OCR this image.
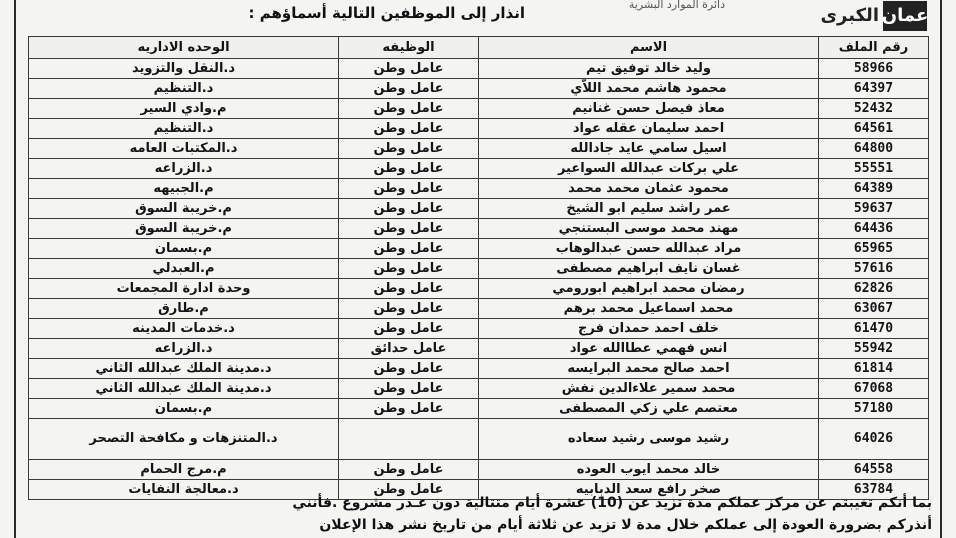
عمان
الكبرى
دائرة الموارد البشرية
انذار إلى الموظفين التالية أسماؤهم :
رقم الملف	الاسم	الوظيفه	الوحده الاداريه
58966	وليد خالد توفيق تيم	عامل وطن	د.النقل والتزويد
64397	محمود هاشم محمد اللاّي	عامل وطن	د.التنظيم
52432	معاذ فيصل حسن غنانيم	عامل وطن	م.وادي السير
64561	احمد سليمان عقله عواد	عامل وطن	د.التنظيم
64800	اسيل سامي عايد جادالله	عامل وطن	د.المكتبات العامه
55551	علي بركات عبدالله السواعير	عامل وطن	د.الزراعه
64389	محمود عثمان محمد محمد	عامل وطن	م.الجبيهه
59637	عمر راشد سليم ابو الشيخ	عامل وطن	م.خريبة السوق
64436	مهند محمد موسى البستنجي	عامل وطن	م.خريبة السوق
65965	مراد عبدالله حسن عبدالوهاب	عامل وطن	م.بسمان
57616	غسان نايف ابراهيم مصطفى	عامل وطن	م.العبدلي
62826	رمضان محمد ابراهيم ابورومي	عامل وطن	وحدة ادارة المجمعات
63067	محمد اسماعيل محمد برهم	عامل وطن	م.طارق
61470	خلف احمد حمدان فرج	عامل وطن	د.خدمات المدينه
55942	انس فهمي عطاالله عواد	عامل حدائق	د.الزراعه
61814	احمد صالح محمد البرايسه	عامل وطن	د.مدينة الملك عبدالله الثاني
67068	محمد سمير علاءالدين نفش	عامل وطن	د.مدينة الملك عبدالله الثاني
57180	معتصم علي زكي المصطفى	عامل وطن	م.بسمان
64026	رشيد موسى رشيد سعاده		د.المتنزهات و مكافحة التصحر
64558	خالد محمد ايوب العوده	عامل وطن	م.مرج الحمام
63784	صخر رافع سعد الدبابيه	عامل وطن	د.معالجة النفايات
بما أنكم تغيبتم عن مركز عملكم مدة تزيد عن (10) عشرة أيام متتالية دون عـذر مشروع .فأنني
أنذركم بضرورة العودة إلى عملكم خلال مدة لا تزيد عن ثلاثة أيام من تاريخ نشر هذا الإعلان
